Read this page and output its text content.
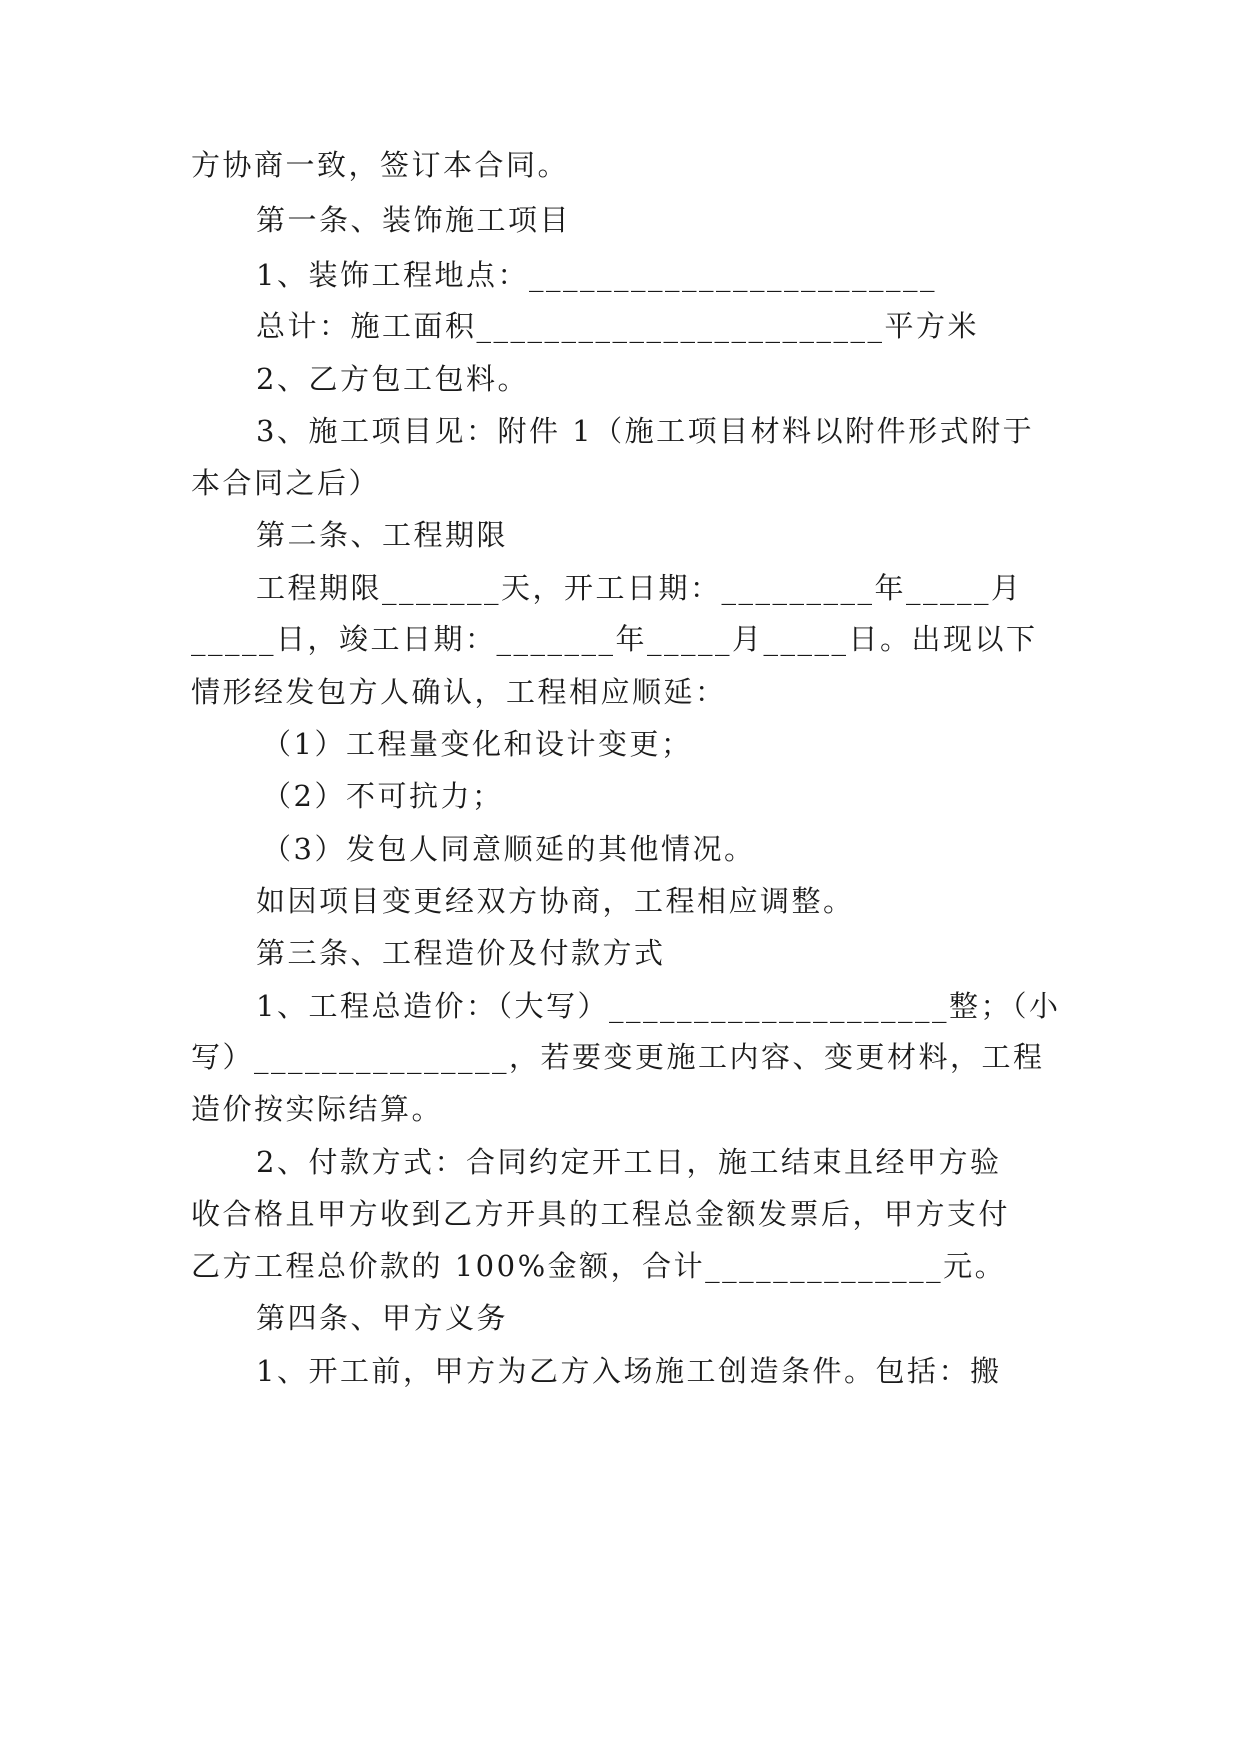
方协商一致，签订本合同。
第一条、装饰施工项目
1、装饰工程地点：________________________
总计：施工面积________________________平方米
2、乙方包工包料。
3、施工项目见：附件 1（施工项目材料以附件形式附于
本合同之后）
第二条、工程期限
工程期限_______天，开工日期：_________年_____月
_____日，竣工日期：_______年_____月_____日。出现以下
情形经发包方人确认，工程相应顺延：
（1）工程量变化和设计变更；
（2）不可抗力；
（3）发包人同意顺延的其他情况。
如因项目变更经双方协商，工程相应调整。
第三条、工程造价及付款方式
1、工程总造价：（大写）____________________整；（小
写）_______________，若要变更施工内容、变更材料，工程
造价按实际结算。
2、付款方式：合同约定开工日，施工结束且经甲方验
收合格且甲方收到乙方开具的工程总金额发票后，甲方支付
乙方工程总价款的 100%金额，合计______________元。
第四条、甲方义务
1、开工前，甲方为乙方入场施工创造条件。包括：搬
